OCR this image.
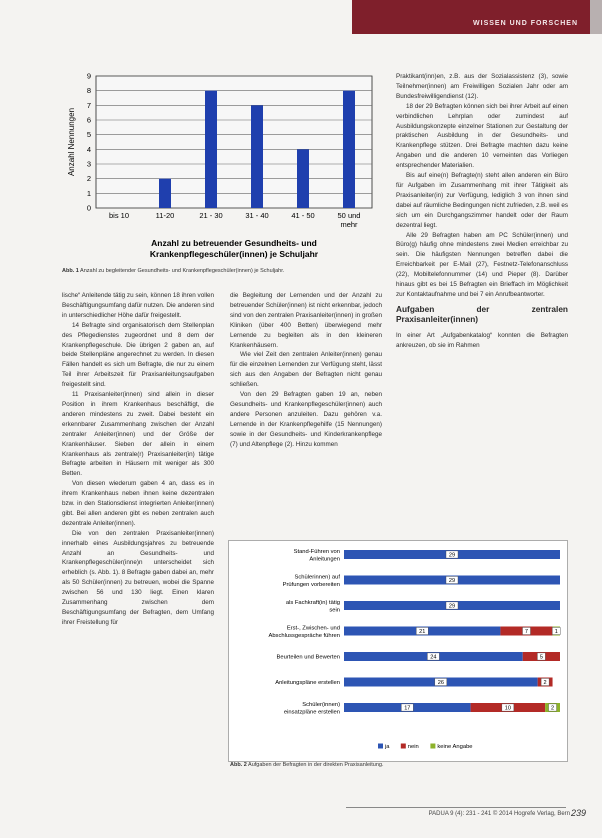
WISSEN UND FORSCHEN
0
1
2
3
4
5
6
7
8
9
Anzahl Nennungen
bis 10	11-20	21 - 30	31 - 40	41 - 50	50 und
mehr
Anzahl zu betreuender Gesundheits- und
Krankenpflegeschüler(innen) je Schuljahr
Abb. 1 Anzahl zu begleitender Gesundheits- und Krankenpflegeschüler(innen) je Schuljahr.

lische“ Anleitende tätig zu sein, können 18 ihren vollen Beschäftigungsumfang dafür nutzen. Die anderen sind in unterschiedlicher Höhe dafür freigestellt.

14 Befragte sind organisatorisch dem Stellenplan des Pflegedienstes zugeordnet und 8 dem der Krankenpflegeschule. Die übrigen 2 gaben an, auf beide Stellenpläne angerechnet zu werden. In diesen Fällen handelt es sich um Befragte, die nur zu einem Teil ihrer Arbeitszeit für Praxisanleitungsaufgaben freigestellt sind.

11 Praxisanleiter(innen) sind allein in dieser Position in ihrem Krankenhaus beschäftigt, die anderen mindestens zu zweit. Dabei besteht ein erkennbarer Zusammenhang zwischen der Anzahl zentraler Anleiter(innen) und der Größe der Krankenhäuser. Sieben der allein in einem Krankenhaus als zentrale(r) Praxisanleiter(in) tätige Befragte arbeiten in Häusern mit weniger als 300 Betten.

Von diesen wiederum gaben 4 an, dass es in ihrem Krankenhaus neben ihnen keine dezentralen bzw. in den Stationsdienst integrierten Anleiter(innen) gibt. Bei allen anderen gibt es neben zentralen auch dezentrale Anleiter(innen).

Die von den zentralen Praxisanleiter(innen) innerhalb eines Ausbildungsjahres zu betreuende Anzahl an Gesundheits- und Krankenpflegeschüler(inne)n unterscheidet sich erheblich (s. Abb. 1). 8 Befragte gaben dabei an, mehr als 50 Schüler(innen) zu betreuen, wobei die Spanne zwischen 56 und 130 liegt. Einen klaren Zusammenhang zwischen dem Beschäftigungsumfang der Befragten, dem Umfang ihrer Freistellung für

die Begleitung der Lernenden und der Anzahl zu betreuender Schüler(innen) ist nicht erkennbar, jedoch sind von den zentralen Praxisanleiter(innen) in großen Kliniken (über 400 Betten) überwiegend mehr Lernende zu begleiten als in den kleineren Krankenhäusern.

Wie viel Zeit den zentralen Anleiter(innen) genau für die einzelnen Lernenden zur Verfügung steht, lässt sich aus den Angaben der Befragten nicht genau schließen.

Von den 29 Befragten gaben 19 an, neben Gesundheits- und Krankenpflegeschüler(innen) auch andere Personen anzuleiten. Dazu gehören v.a. Lernende in der Krankenpflegehilfe (15 Nennungen) sowie in der Gesundheits- und Kinderkrankenpflege (7) und Altenpflege (2). Hinzu kommen

Praktikant(inn)en, z.B. aus der Sozialassistenz (3), sowie Teilnehmer(innen) am Freiwilligen Sozialen Jahr oder am Bundesfreiwilligendienst (12).

18 der 29 Befragten können sich bei ihrer Arbeit auf einen verbindlichen Lehrplan oder zumindest auf Ausbildungskonzepte einzelner Stationen zur Gestaltung der praktischen Ausbildung in der Gesundheits- und Krankenpflege stützen. Drei Befragte machten dazu keine Angaben und die anderen 10 verneinten das Vorliegen entsprechender Materialien.

Bis auf eine(n) Befragte(n) steht allen anderen ein Büro für Aufgaben im Zusammenhang mit ihrer Tätigkeit als Praxisanleiter(in) zur Verfügung, lediglich 3 von ihnen sind dabei auf räumliche Bedingungen nicht zufrieden, z.B. weil es sich um ein Durchgangszimmer handelt oder der Raum dezentral liegt.

Alle 29 Befragten haben am PC Schüler(innen) und Büro(g) häufig ohne mindestens zwei Medien erreichbar zu sein. Die häufigsten Nennungen betreffen dabei die Erreichbarkeit per E-Mail (27), Festnetz-Telefonanschluss (22), Mobiltelefonnummer (14) und Pieper (8). Darüber hinaus gibt es bei 15 Befragten ein Brieffach im Möglichkeit zur Kontaktaufnahme und bei 7 ein Anrufbeantworter.

Aufgaben der zentralen Praxisanleiter(innen)

In einer Art „Aufgabenkatalog“ konnten die Befragten ankreuzen, ob sie im Rahmen

Stand-Führen von
Anleitungen
29
Schülerinnen) auf
Prüfungen vorbereiten
29
als Fachkraft(in) tätig
sein
29
Erst-, Zwischen- und
Abschlussgespräche führen
21	7	1
Beurteilen und Bewerten	24	5
Anleitungspläne erstellen	26	2
Schüler(innen)
einsatzpläne erstellen
17	10	2
ja	nein	keine Angabe
Abb. 2 Aufgaben der Befragten in der direkten Praxisanleitung.
PADUA 9 (4): 231 - 241 © 2014 Hogrefe Verlag, Bern 239
